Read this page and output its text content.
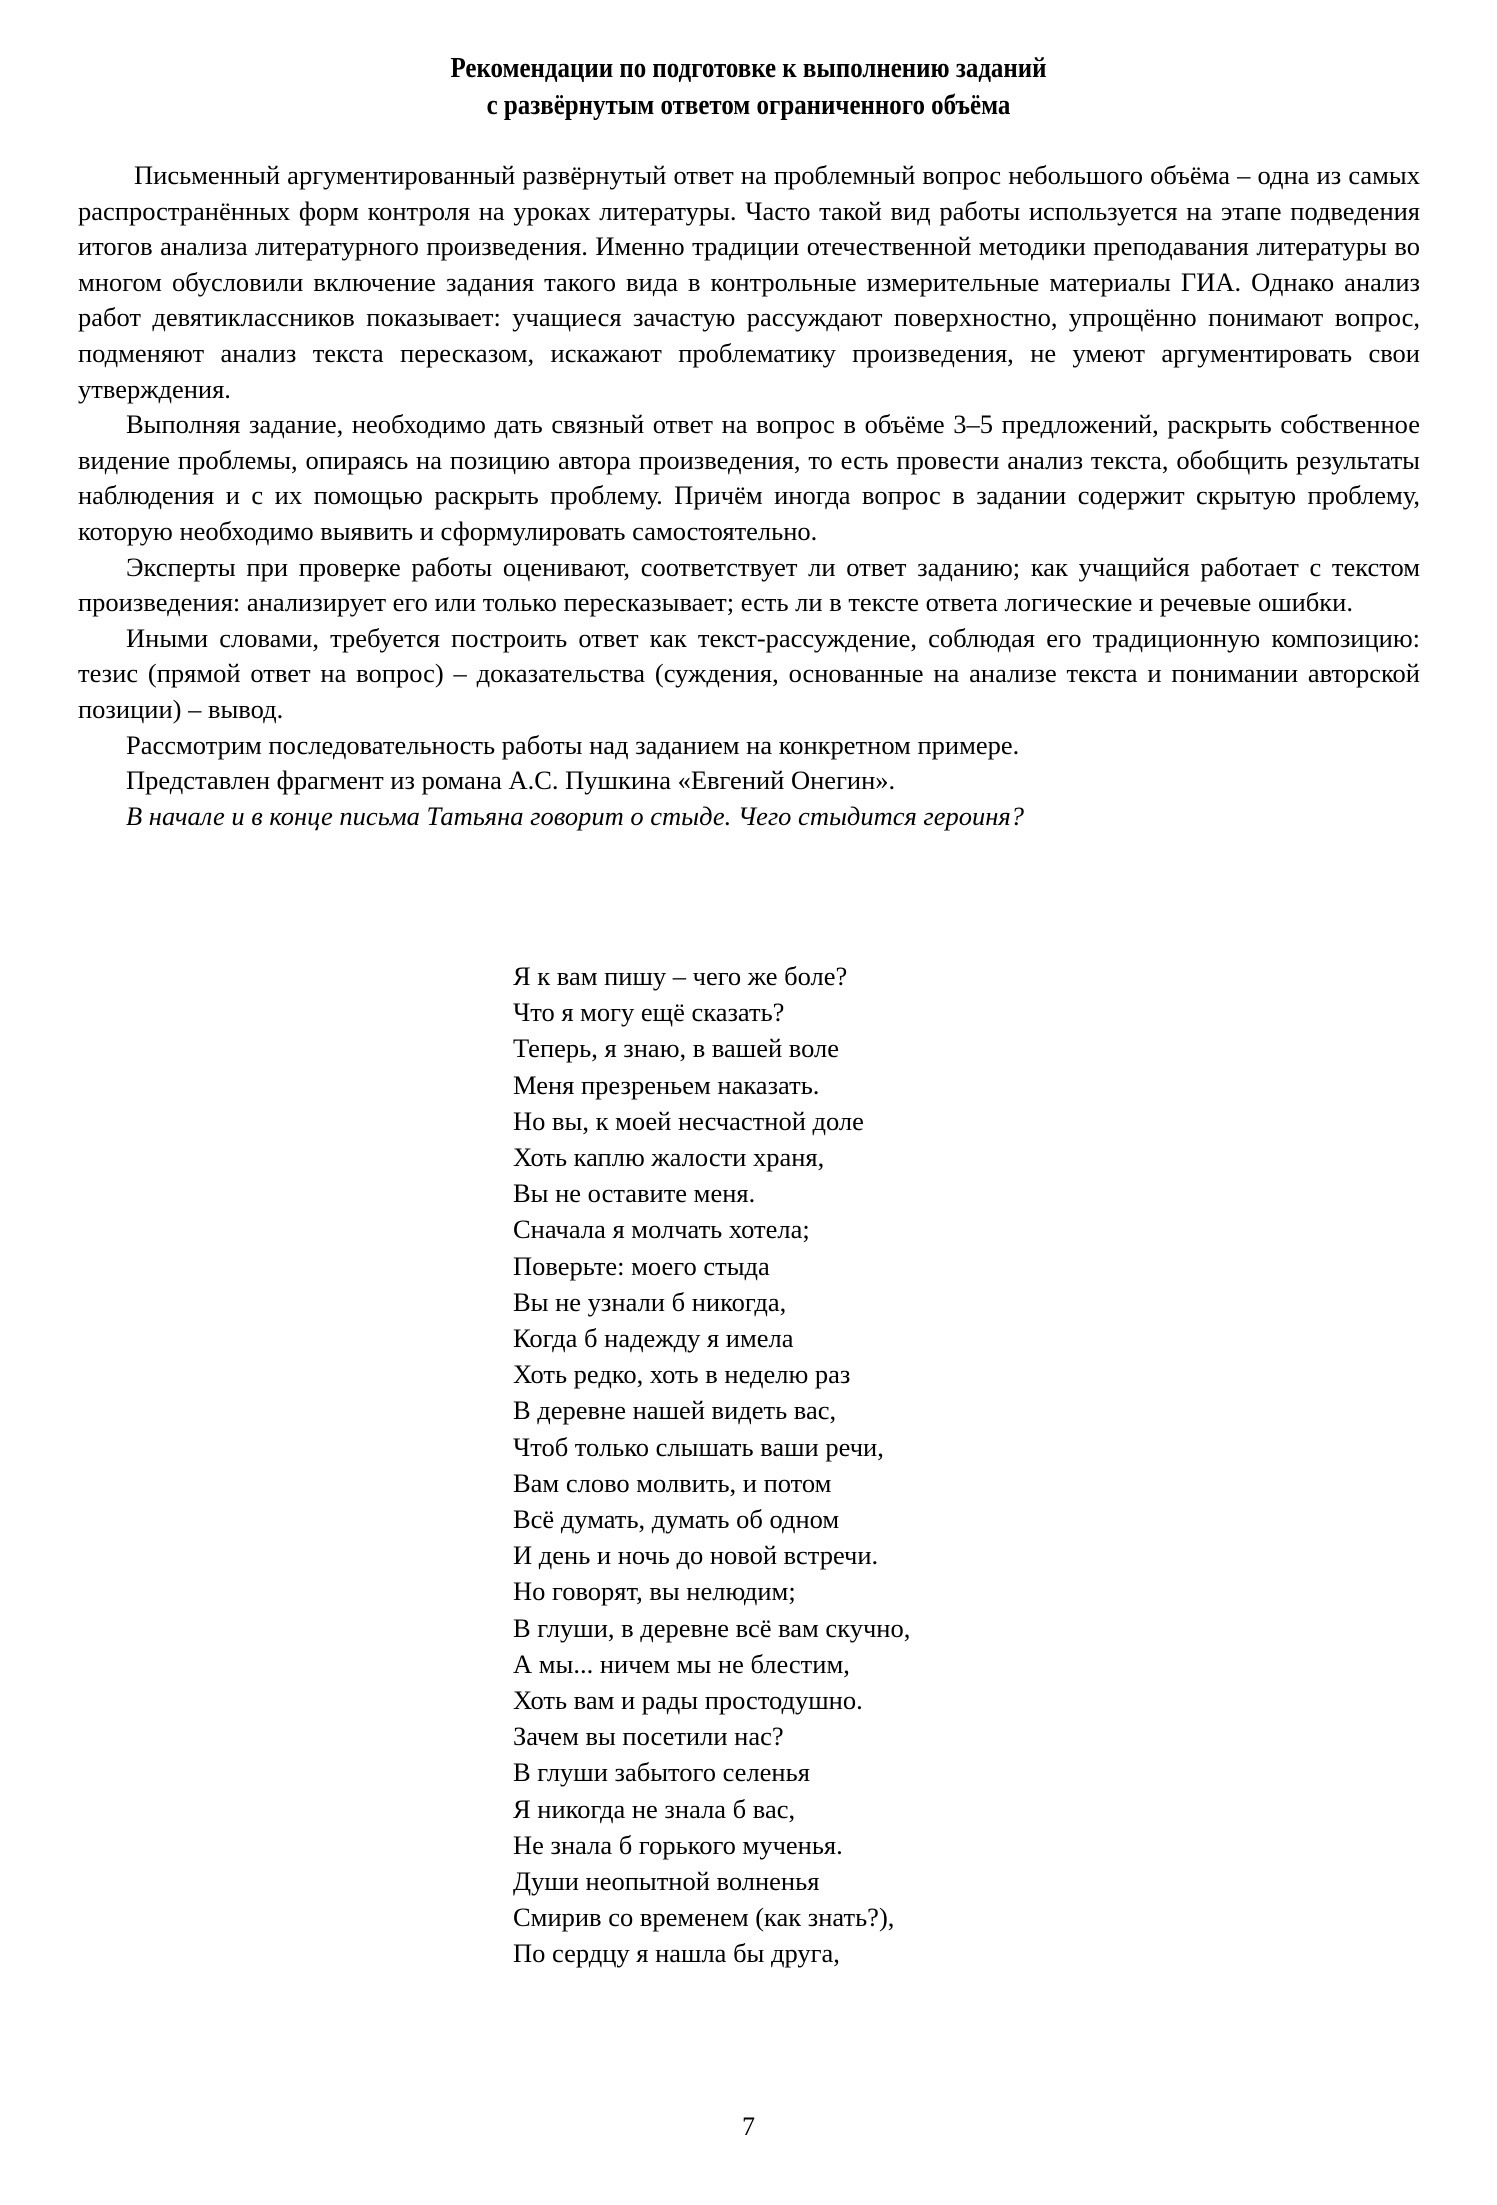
Рекомендации по подготовке к выполнению заданий
с развёрнутым ответом ограниченного объёма

Письменный аргументированный развёрнутый ответ на проблемный вопрос небольшого объёма – одна из самых распространённых форм контроля на уроках литературы. Часто такой вид работы используется на этапе подведения итогов анализа литературного произведения. Именно традиции отечественной методики преподавания литературы во многом обусловили включение задания такого вида в контрольные измерительные материалы ГИА. Однако анализ работ девятиклассников показывает: учащиеся зачастую рассуждают поверхностно, упрощённо понимают вопрос, подменяют анализ текста пересказом, искажают проблематику произведения, не умеют аргументировать свои утверждения.

Выполняя задание, необходимо дать связный ответ на вопрос в объёме 3–5 предложений, раскрыть собственное видение проблемы, опираясь на позицию автора произведения, то есть провести анализ текста, обобщить результаты наблюдения и с их помощью раскрыть проблему. Причём иногда вопрос в задании содержит скрытую проблему, которую необходимо выявить и сформулировать самостоятельно.

Эксперты при проверке работы оценивают, соответствует ли ответ заданию; как учащийся работает с текстом произведения: анализирует его или только пересказывает; есть ли в тексте ответа логические и речевые ошибки.

Иными словами, требуется построить ответ как текст-рассуждение, соблюдая его традиционную композицию: тезис (прямой ответ на вопрос) – доказательства (суждения, основанные на анализе текста и понимании авторской позиции) – вывод.

Рассмотрим последовательность работы над заданием на конкретном примере.

Представлен фрагмент из романа А.С. Пушкина «Евгений Онегин».

В начале и в конце письма Татьяна говорит о стыде. Чего стыдится героиня?

Я к вам пишу – чего же боле?
Что я могу ещё сказать?
Теперь, я знаю, в вашей воле
Меня презреньем наказать.
Но вы, к моей несчастной доле
Хоть каплю жалости храня,
Вы не оставите меня.
Сначала я молчать хотела;
Поверьте: моего стыда
Вы не узнали б никогда,
Когда б надежду я имела
Хоть редко, хоть в неделю раз
В деревне нашей видеть вас,
Чтоб только слышать ваши речи,
Вам слово молвить, и потом
Всё думать, думать об одном
И день и ночь до новой встречи.
Но говорят, вы нелюдим;
В глуши, в деревне всё вам скучно,
А мы... ничем мы не блестим,
Хоть вам и рады простодушно.
Зачем вы посетили нас?
В глуши забытого селенья
Я никогда не знала б вас,
Не знала б горького мученья.
Души неопытной волненья
Смирив со временем (как знать?),
По сердцу я нашла бы друга,
7
